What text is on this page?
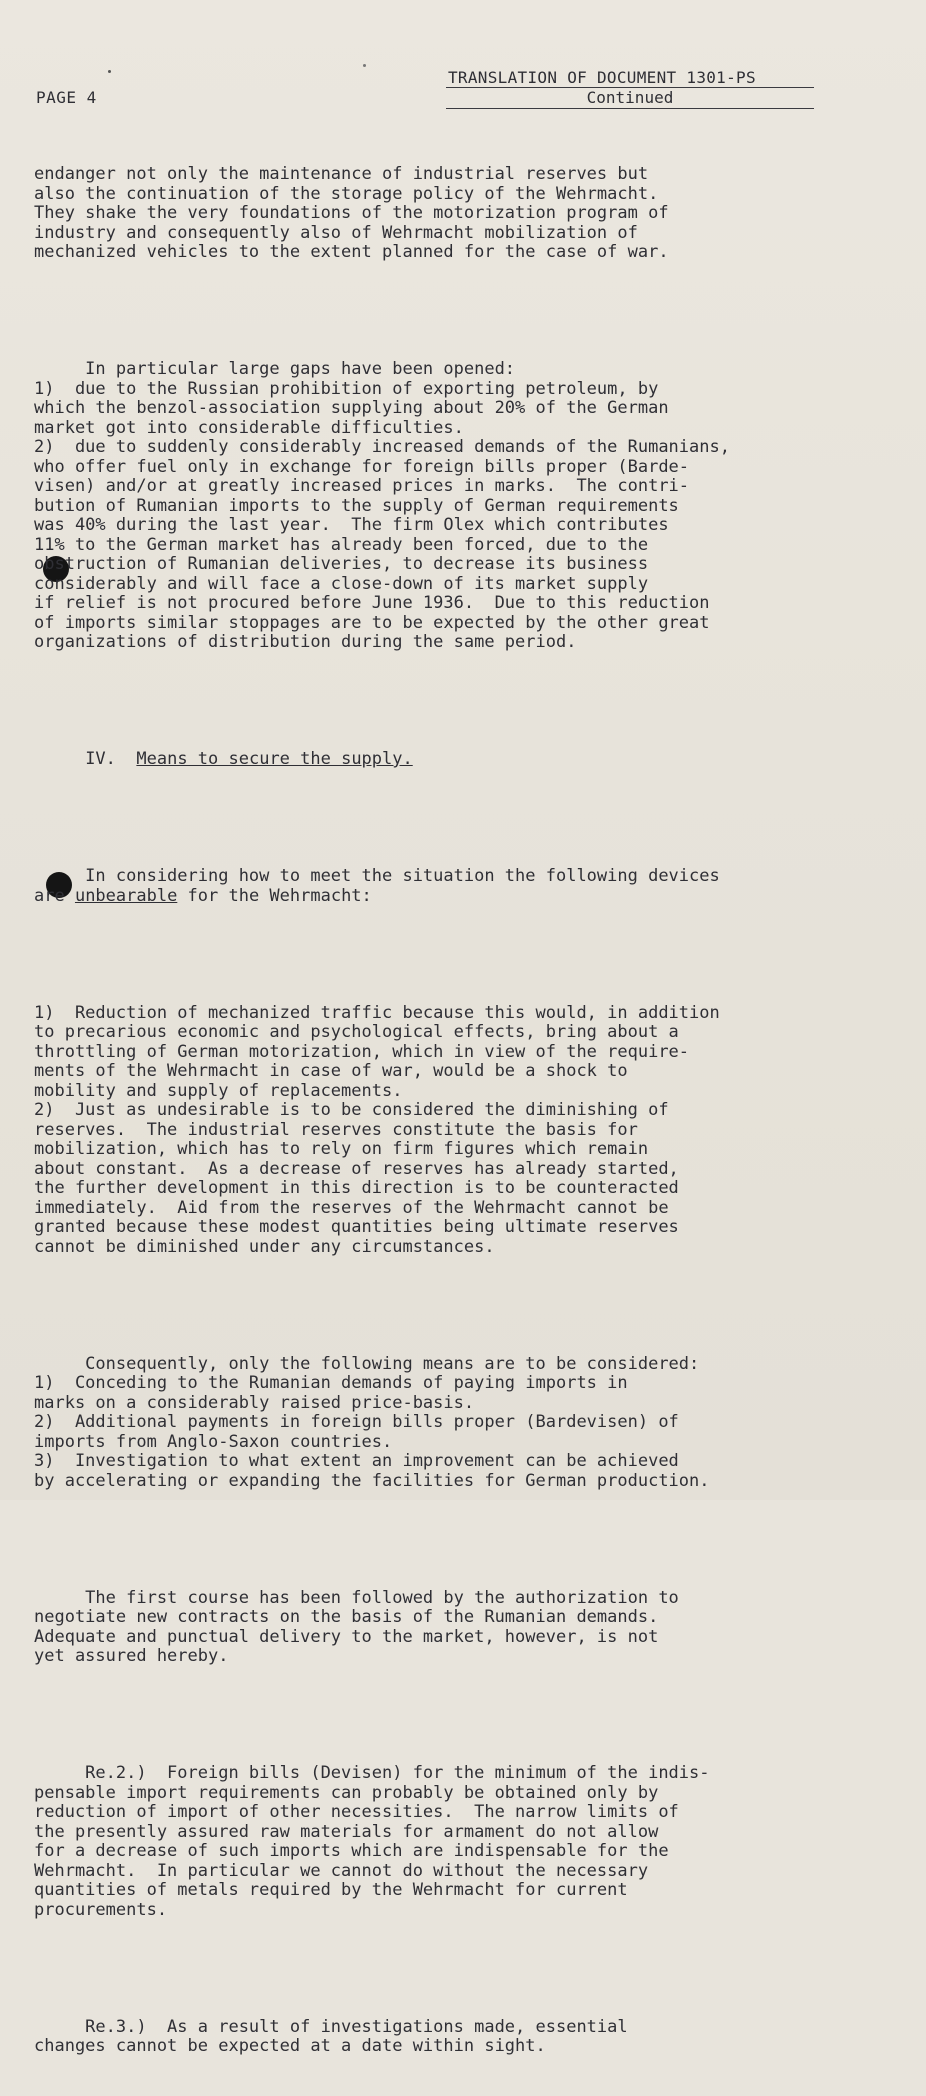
PAGE 4
TRANSLATION OF DOCUMENT 1301-PS
Continued

endanger not only the maintenance of industrial reserves but
also the continuation of the storage policy of the Wehrmacht.
They shake the very foundations of the motorization program of
industry and consequently also of Wehrmacht mobilization of
mechanized vehicles to the extent planned for the case of war.

In particular large gaps have been opened:
1)  due to the Russian prohibition of exporting petroleum, by
which the benzol-association supplying about 20% of the German
market got into considerable difficulties.
2)  due to suddenly considerably increased demands of the Rumanians,
who offer fuel only in exchange for foreign bills proper (Barde-
visen) and/or at greatly increased prices in marks.  The contri-
bution of Rumanian imports to the supply of German requirements
was 40% during the last year.  The firm Olex which contributes
11% to the German market has already been forced, due to the
obstruction of Rumanian deliveries, to decrease its business
considerably and will face a close-down of its market supply
if relief is not procured before June 1936.  Due to this reduction
of imports similar stoppages are to be expected by the other great
organizations of distribution during the same period.

IV. Means to secure the supply.

In considering how to meet the situation the following devices
are unbearable for the Wehrmacht:

1)  Reduction of mechanized traffic because this would, in addition
to precarious economic and psychological effects, bring about a
throttling of German motorization, which in view of the require-
ments of the Wehrmacht in case of war, would be a shock to
mobility and supply of replacements.
2)  Just as undesirable is to be considered the diminishing of
reserves.  The industrial reserves constitute the basis for
mobilization, which has to rely on firm figures which remain
about constant.  As a decrease of reserves has already started,
the further development in this direction is to be counteracted
immediately.  Aid from the reserves of the Wehrmacht cannot be
granted because these modest quantities being ultimate reserves
cannot be diminished under any circumstances.

Consequently, only the following means are to be considered:
1)  Conceding to the Rumanian demands of paying imports in
marks on a considerably raised price-basis.
2)  Additional payments in foreign bills proper (Bardevisen) of
imports from Anglo-Saxon countries.
3)  Investigation to what extent an improvement can be achieved
by accelerating or expanding the facilities for German production.

The first course has been followed by the authorization to
negotiate new contracts on the basis of the Rumanian demands.
Adequate and punctual delivery to the market, however, is not
yet assured hereby.

Re.2.)  Foreign bills (Devisen) for the minimum of the indis-
pensable import requirements can probably be obtained only by
reduction of import of other necessities.  The narrow limits of
the presently assured raw materials for armament do not allow
for a decrease of such imports which are indispensable for the
Wehrmacht.  In particular we cannot do without the necessary
quantities of metals required by the Wehrmacht for current
procurements.

Re.3.)  As a result of investigations made, essential
changes cannot be expected at a date within sight.
